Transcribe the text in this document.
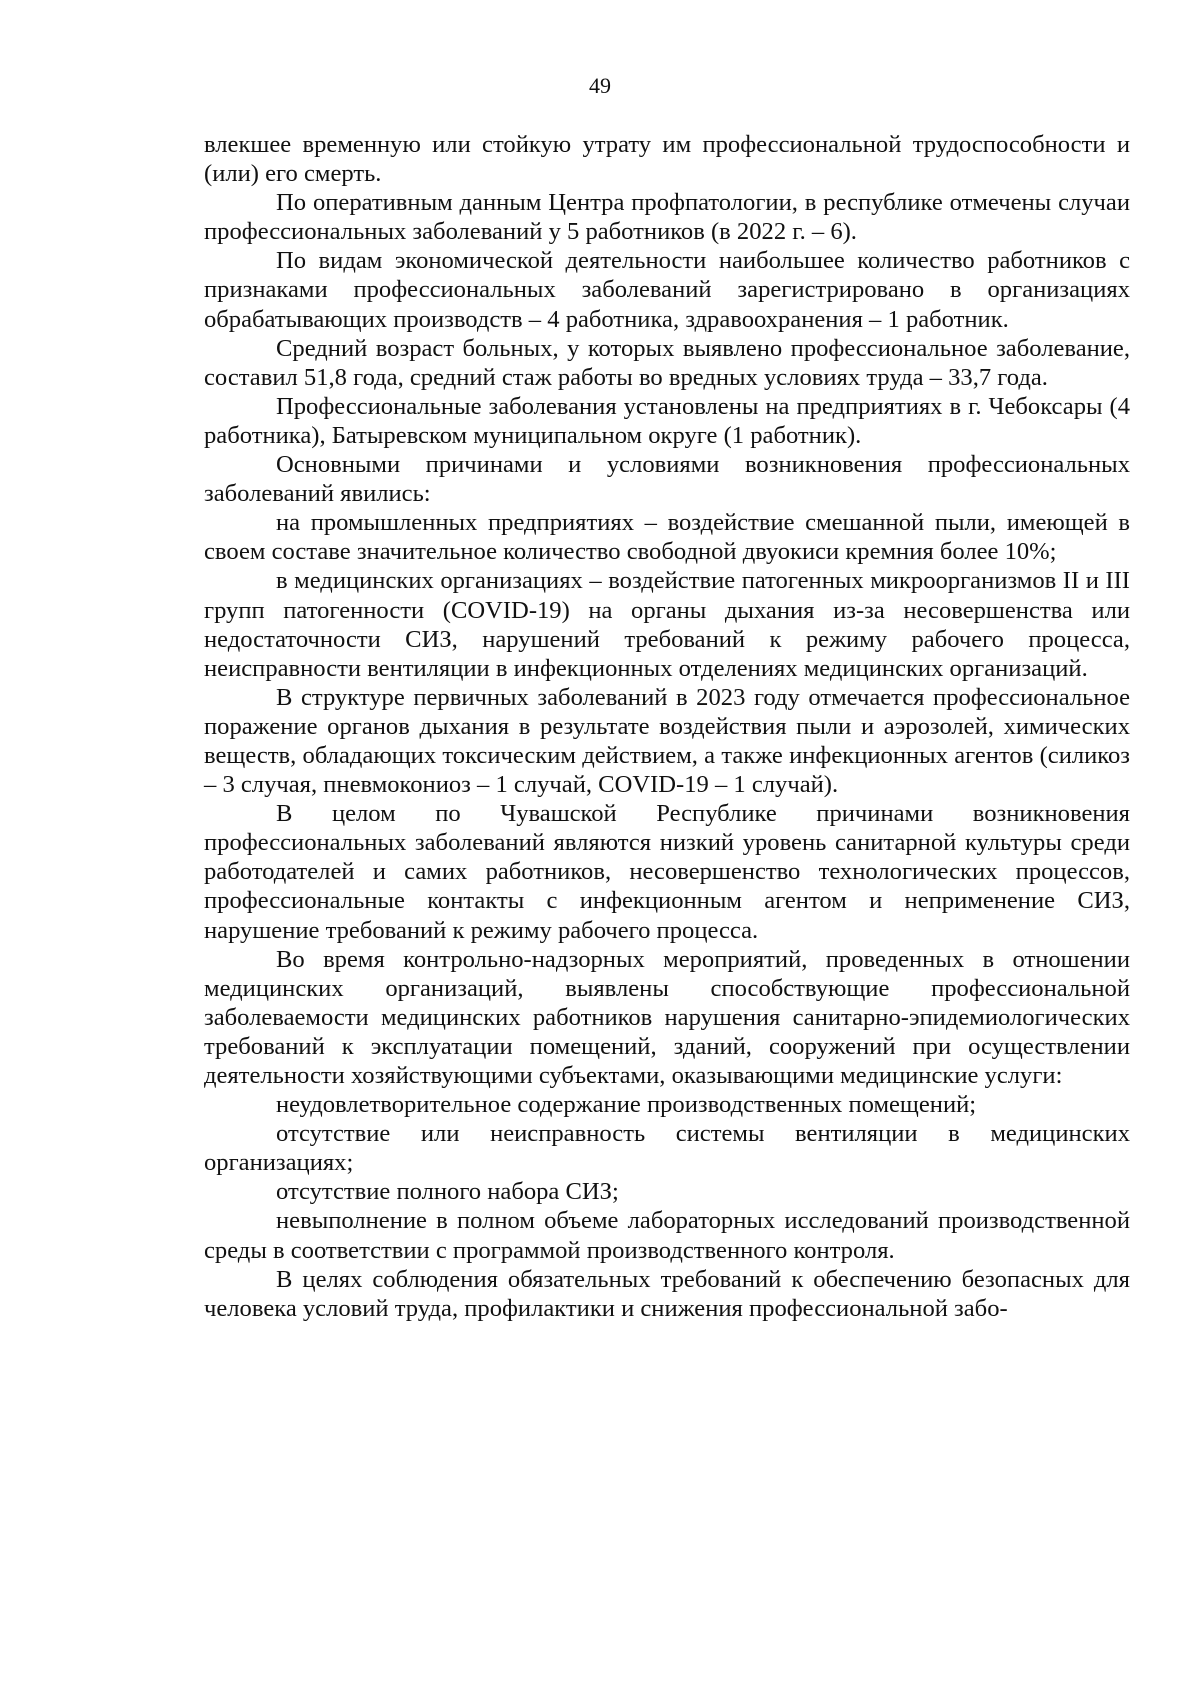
49

влекшее временную или стойкую утрату им профессиональной трудоспособности и (или) его смерть.

По оперативным данным Центра профпатологии, в республике отмечены случаи профессиональных заболеваний у 5 работников (в 2022 г. – 6).

По видам экономической деятельности наибольшее количество работников с признаками профессиональных заболеваний зарегистрировано в организациях обрабатывающих производств – 4 работника, здравоохранения – 1 работник.

Средний возраст больных, у которых выявлено профессиональное заболевание, составил 51,8 года, средний стаж работы во вредных условиях труда – 33,7 года.

Профессиональные заболевания установлены на предприятиях в г. Чебоксары (4 работника), Батыревском муниципальном округе (1 работник).

Основными причинами и условиями возникновения профессиональных заболеваний явились:

на промышленных предприятиях – воздействие смешанной пыли, имеющей в своем составе значительное количество свободной двуокиси кремния более 10%;

в медицинских организациях – воздействие патогенных микроорганизмов II и III групп патогенности (COVID-19) на органы дыхания из-за несовершенства или недостаточности СИЗ, нарушений требований к режиму рабочего процесса, неисправности вентиляции в инфекционных отделениях медицинских организаций.

В структуре первичных заболеваний в 2023 году отмечается профессиональное поражение органов дыхания в результате воздействия пыли и аэрозолей, химических веществ, обладающих токсическим действием, а также инфекционных агентов (силикоз – 3 случая, пневмокониоз – 1 случай, COVID-19 – 1 случай).

В целом по Чувашской Республике причинами возникновения профессиональных заболеваний являются низкий уровень санитарной культуры среди работодателей и самих работников, несовершенство технологических процессов, профессиональные контакты с инфекционным агентом и неприменение СИЗ, нарушение требований к режиму рабочего процесса.

Во время контрольно-надзорных мероприятий, проведенных в отношении медицинских организаций, выявлены способствующие профессиональной заболеваемости медицинских работников нарушения санитарно-эпидемиологических требований к эксплуатации помещений, зданий, сооружений при осуществлении деятельности хозяйствующими субъектами, оказывающими медицинские услуги:

неудовлетворительное содержание производственных помещений;

отсутствие или неисправность системы вентиляции в медицинских организациях;

отсутствие полного набора СИЗ;

невыполнение в полном объеме лабораторных исследований производственной среды в соответствии с программой производственного контроля.

В целях соблюдения обязательных требований к обеспечению безопасных для человека условий труда, профилактики и снижения профессиональной забо-
